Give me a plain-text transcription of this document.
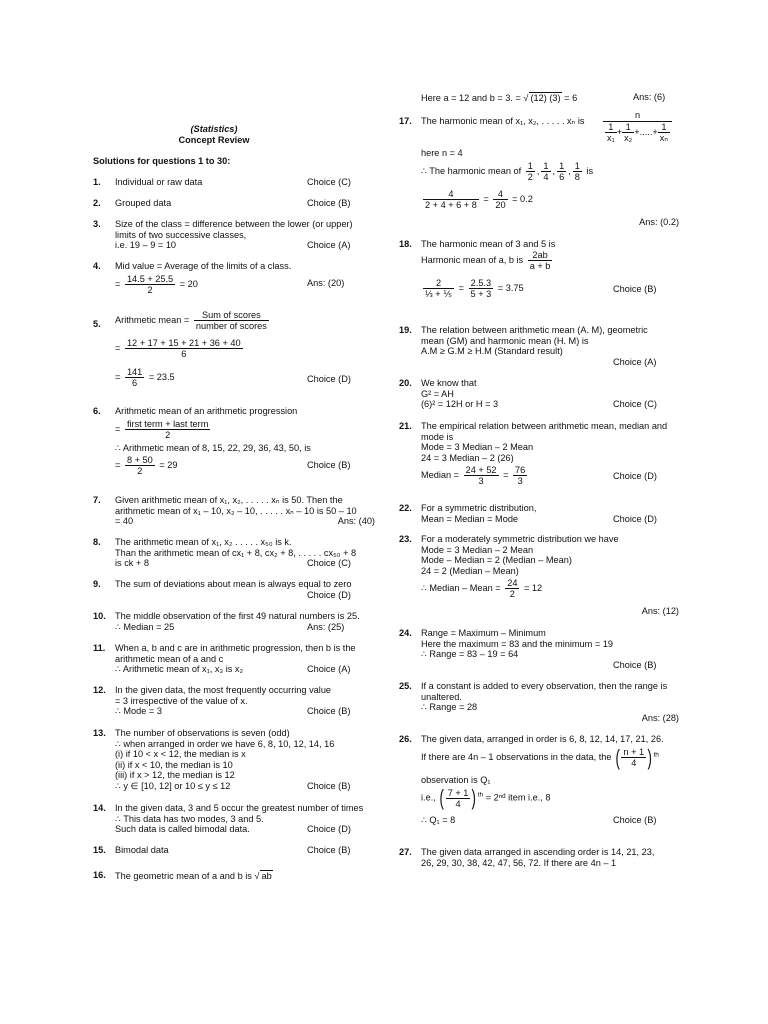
(Statistics)
Concept Review
Solutions for questions 1 to 30:
1. Individual or raw data	Choice (C)
2. Grouped data	Choice (B)
3. Size of the class = difference between the lower (or upper)
limits of two successive classes,
i.e. 19 – 9 = 10	Choice (A)
4. Mid value = Average of the limits of a class.
= $\frac{14.5 + 25.5}{2} = 20$	Ans: (20)
5. Arithmetic mean = $\frac{\text{Sum of scores}}{\text{number of scores}}$
= $\frac{12 + 17 + 15 + 21 + 36 + 40}{6}$
= $\frac{141}{6} = 23.5$	Choice (D)
6. Arithmetic mean of an arithmetic progression
= $\frac{\text{first term + last term}}{2}$
∴ Arithmetic mean of 8, 15, 22, 29, 36, 43, 50, is
= $\frac{8 + 50}{2} = 29$	Choice (B)
7. Given arithmetic mean of x₁, x₂, . . . . . xₙ is 50. Then the
arithmetic mean of x₁ – 10, x₂ – 10, . . . . . xₙ – 10 is 50 – 10
= 40	Ans: (40)
8. The arithmetic mean of x₁, x₂ . . . . . x₅₀ is k.
Than the arithmetic mean of cx₁ + 8, cx₂ + 8, . . . . . cx₅₀ + 8
is ck + 8	Choice (C)
9. The sum of deviations about mean is always equal to zero
Choice (D)
10. The middle observation of the first 49 natural numbers is 25.
∴ Median = 25	Ans: (25)
11. When a, b and c are in arithmetic progression, then b is the
arithmetic mean of a and c
∴ Arithmetic mean of x₁, x₃ is x₂	Choice (A)
12. In the given data, the most frequently occurring value
= 3 irrespective of the value of x.
∴ Mode = 3	Choice (B)
13. The number of observations is seven (odd)
∴ when arranged in order we have 6, 8, 10, 12, 14, 16
(i) if 10 < x < 12, the median is x
(ii) if x < 10, the median is 10
(iii) if x > 12, the median is 12
∴ y ∈ [10, 12] or 10 ≤ y ≤ 12	Choice (B)
14. In the given data, 3 and 5 occur the greatest number of times
∴ This data has two modes, 3 and 5.
Such data is called bimodal data.	Choice (D)
15. Bimodal data	Choice (B)
16. The geometric mean of a and b is √ ab
Here a = 12 and b = 3. = √ (12) (3) = 6	Ans: (6)
17. The harmonic mean of x₁, x₂, . . . . . xₙ is $\frac{n}{\frac{1}{\text{x₁}} + \frac{1}{\text{x₂}} +.....+ \frac{1}{\text{xₙ}}}$
here n = 4
∴ The harmonic mean of $\frac{1}{2}$ , $\frac{1}{4}$ , $\frac{1}{6}$ , $\frac{1}{8}$ is
$\frac{4}{2 + 4 + 6 + 8} = \frac{4}{20} = 0.2$
Ans: (0.2)
18. The harmonic mean of 3 and 5 is
Harmonic mean of a, b is $\frac{2ab}{a + b}$
$\frac{2}{\text{⅓ + ⅕}} = \frac{2.5.3}{5 + 3} = 3.75$	Choice (B)
19. The relation between arithmetic mean (A. M), geometric
mean (GM) and harmonic mean (H. M) is
A.M ≥ G.M ≥ H.M (Standard result)
Choice (A)
20. We know that
G² = AH
(6)² = 12H or H = 3	Choice (C)
21. The empirical relation between arithmetic mean, median and
mode is
Mode = 3 Median – 2 Mean
24 = 3 Median – 2 (26)
Median = $\frac{24 + 52}{3} = \frac{76}{3}$	Choice (D)
22. For a symmetric distribution,
Mean = Median = Mode	Choice (D)
23. For a moderately symmetric distribution we have
Mode = 3 Median – 2 Mean
Mode – Median = 2 (Median – Mean)
24 = 2 (Median – Mean)
∴ Median – Mean = $\frac{24}{2} = 12$
Ans: (12)
24. Range = Maximum – Minimum
Here the maximum = 83 and the minimum = 19
∴ Range = 83 – 19 = 64
Choice (B)
25. If a constant is added to every observation, then the range is
unaltered.
∴ Range = 28
Ans: (28)
26. The given data, arranged in order is 6, 8, 12, 14, 17, 21, 26.
If there are 4n – 1 observations in the data, the ( $\frac{n + 1}{4} )^{th}$
observation is Q₁
i.e., ( $\frac{7 + 1}{4} )^{th}$ = 2ⁿᵈ item i.e., 8
∴ Q₁ = 8	Choice (B)
27. The given data arranged in ascending order is 14, 21, 23,
26, 29, 30, 38, 42, 47, 56, 72. If there are 4n – 1
